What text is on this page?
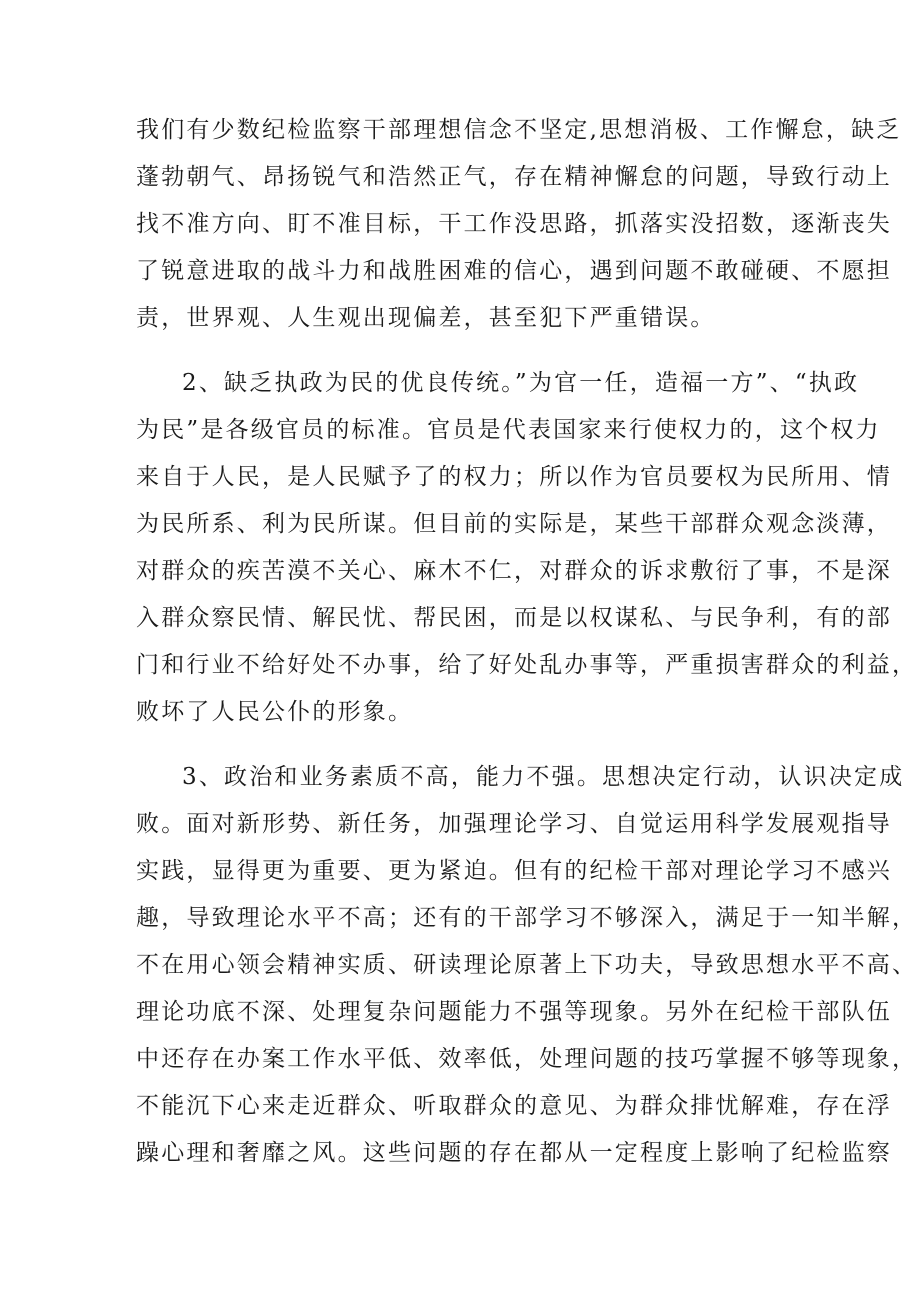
我们有少数纪检监察干部理想信念不坚定,思想消极、工作懈怠，缺乏
蓬勃朝气、昂扬锐气和浩然正气，存在精神懈怠的问题，导致行动上
找不准方向、盯不准目标，干工作没思路，抓落实没招数，逐渐丧失
了锐意进取的战斗力和战胜困难的信心，遇到问题不敢碰硬、不愿担
责，世界观、人生观出现偏差，甚至犯下严重错误。
2、缺乏执政为民的优良传统。”为官一任，造福一方”、“执政
为民”是各级官员的标准。官员是代表国家来行使权力的，这个权力
来自于人民，是人民赋予了的权力；所以作为官员要权为民所用、情
为民所系、利为民所谋。但目前的实际是，某些干部群众观念淡薄，
对群众的疾苦漠不关心、麻木不仁，对群众的诉求敷衍了事，不是深
入群众察民情、解民忧、帮民困，而是以权谋私、与民争利，有的部
门和行业不给好处不办事，给了好处乱办事等，严重损害群众的利益，
败坏了人民公仆的形象。
3、政治和业务素质不高，能力不强。思想决定行动，认识决定成
败。面对新形势、新任务，加强理论学习、自觉运用科学发展观指导
实践，显得更为重要、更为紧迫。但有的纪检干部对理论学习不感兴
趣，导致理论水平不高；还有的干部学习不够深入，满足于一知半解，
不在用心领会精神实质、研读理论原著上下功夫，导致思想水平不高、
理论功底不深、处理复杂问题能力不强等现象。另外在纪检干部队伍
中还存在办案工作水平低、效率低，处理问题的技巧掌握不够等现象，
不能沉下心来走近群众、听取群众的意见、为群众排忧解难，存在浮
躁心理和奢靡之风。这些问题的存在都从一定程度上影响了纪检监察
